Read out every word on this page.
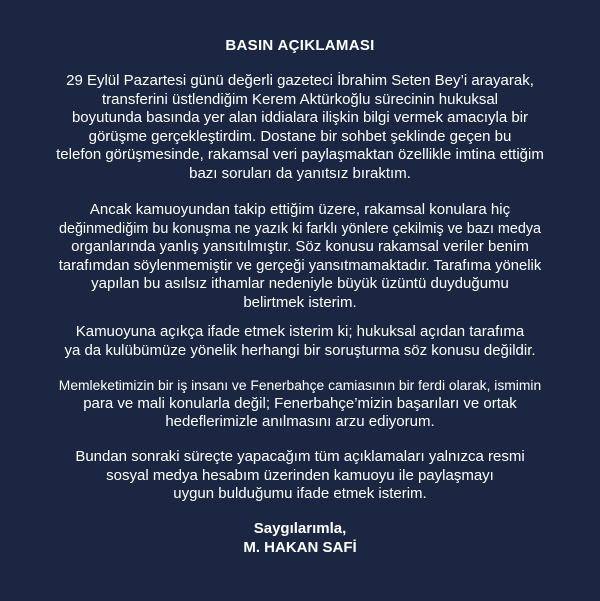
BASIN AÇIKLAMASI

29 Eylül Pazartesi günü değerli gazeteci İbrahim Seten Bey’i arayarak,
transferini üstlendiğim Kerem Aktürkoğlu sürecinin hukuksal
boyutunda basında yer alan iddialara ilişkin bilgi vermek amacıyla bir
görüşme gerçekleştirdim. Dostane bir sohbet şeklinde geçen bu
telefon görüşmesinde, rakamsal veri paylaşmaktan özellikle imtina ettiğim
bazı soruları da yanıtsız bıraktım.

Ancak kamuoyundan takip ettiğim üzere, rakamsal konulara hiç
değinmediğim bu konuşma ne yazık ki farklı yönlere çekilmiş ve bazı medya
organlarında yanlış yansıtılmıştır. Söz konusu rakamsal veriler benim
tarafımdan söylenmemiştir ve gerçeği yansıtmamaktadır. Tarafıma yönelik
yapılan bu asılsız ithamlar nedeniyle büyük üzüntü duyduğumu
belirtmek isterim.

Kamuoyuna açıkça ifade etmek isterim ki; hukuksal açıdan tarafıma
ya da kulübümüze yönelik herhangi bir soruşturma söz konusu değildir.

Memleketimizin bir iş insanı ve Fenerbahçe camiasının bir ferdi olarak, ismimin
para ve mali konularla değil; Fenerbahçe’mizin başarıları ve ortak
hedeflerimizle anılmasını arzu ediyorum.

Bundan sonraki süreçte yapacağım tüm açıklamaları yalnızca resmi
sosyal medya hesabım üzerinden kamuoyu ile paylaşmayı
uygun bulduğumu ifade etmek isterim.

Saygılarımla,
M. HAKAN SAFİ
